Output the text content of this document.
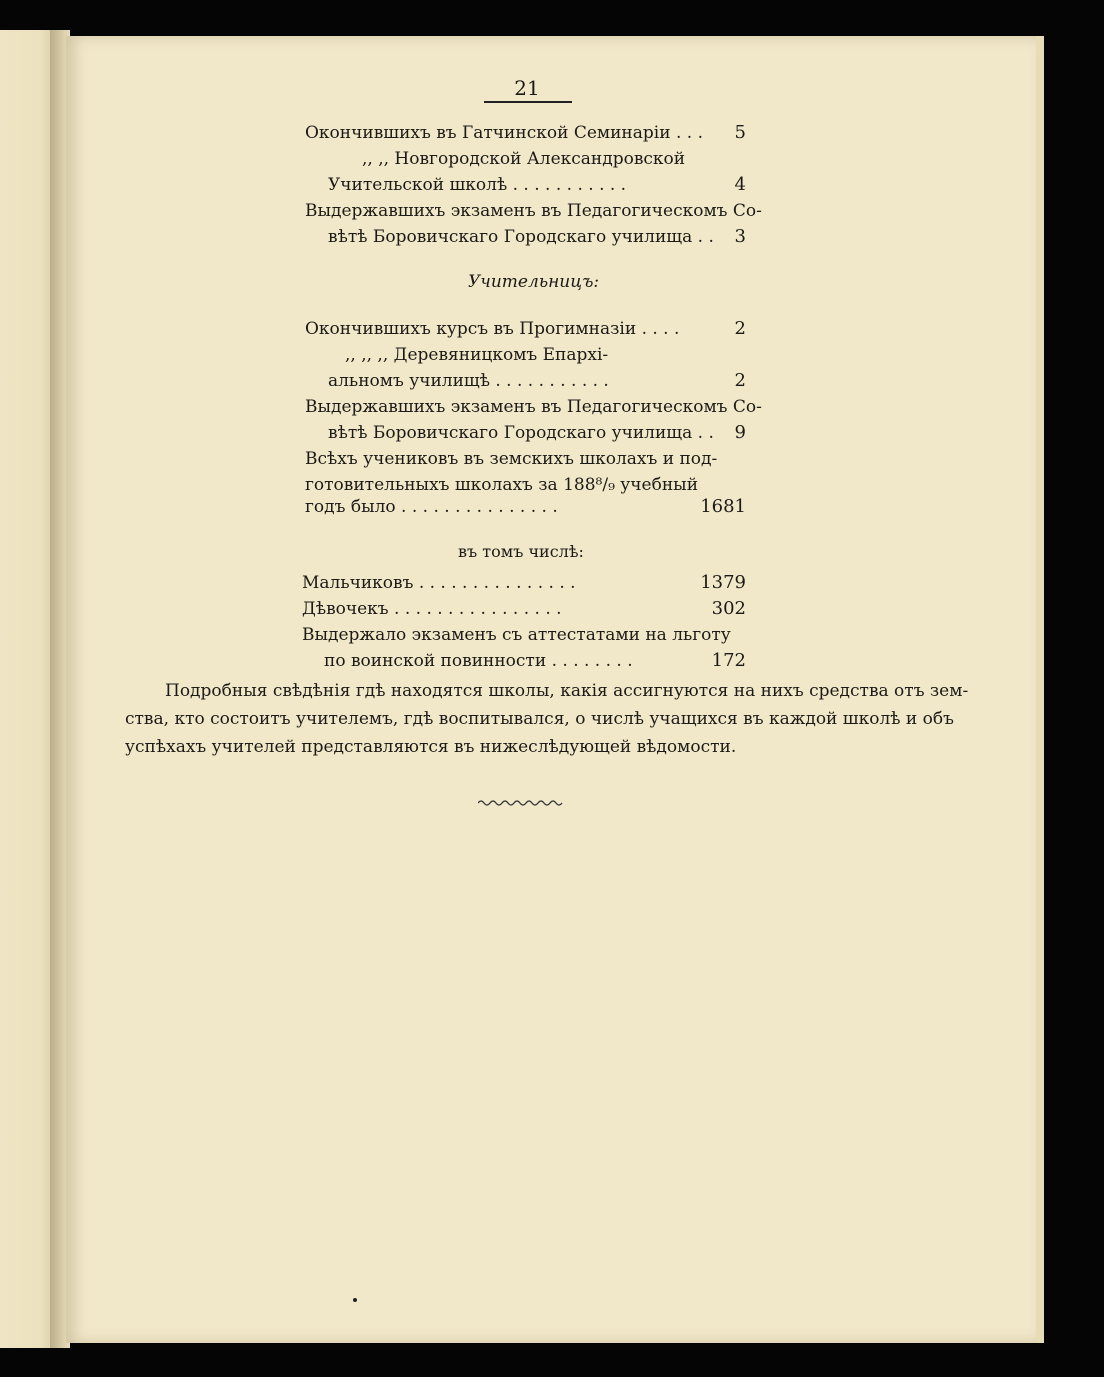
21
Окончившихъ въ Гатчинской Семинаріи . . .	5
,, ,, Новгородской Александровской
Учительской школѣ . . . . . . . . . . .	4
Выдержавшихъ экзаменъ въ Педагогическомъ Со-
вѣтѣ Боровичскаго Городскаго училища . .	3
Учительницъ:
Окончившихъ курсъ въ Прогимназіи . . . .	2
,, ,, ,, Деревяницкомъ Епархі-
альномъ училищѣ . . . . . . . . . . .	2
Выдержавшихъ экзаменъ въ Педагогическомъ Со-
вѣтѣ Боровичскаго Городскаго училища . .	9
Всѣхъ учениковъ въ земскихъ школахъ и под-
готовительныхъ школахъ за 188⁸/₉ учебный
годъ было . . . . . . . . . . . . . . .	1681
въ томъ числѣ:
Мальчиковъ . . . . . . . . . . . . . . .	1379
Дѣвочекъ . . . . . . . . . . . . . . . .	302
Выдержало экзаменъ съ аттестатами на льготу
по воинской повинности . . . . . . . .	172
Подробныя свѣдѣнія гдѣ находятся школы, какія ассигнуются на нихъ средства отъ зем-
ства, кто состоитъ учителемъ, гдѣ воспитывался, о числѣ учащихся въ каждой школѣ и объ
успѣхахъ учителей представляются въ нижеслѣдующей вѣдомости.
